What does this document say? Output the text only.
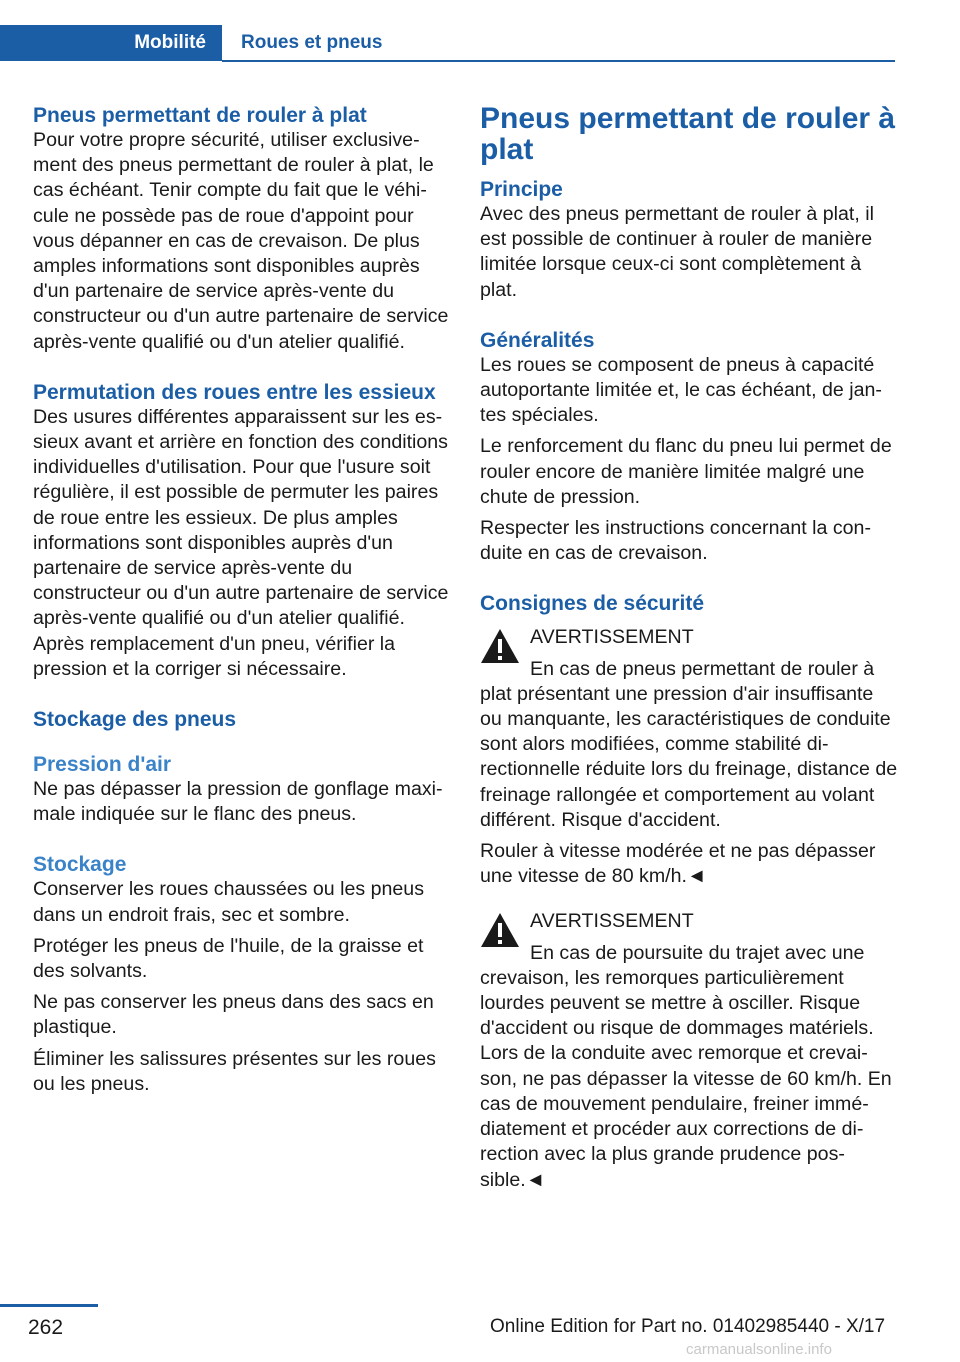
Mobilité	Roues et pneus
Pneus permettant de rouler à plat

Pour votre propre sécurité, utiliser exclusivement des pneus permettant de rouler à plat, le cas échéant. Tenir compte du fait que le véhicule ne possède pas de roue d'appoint pour vous dépanner en cas de crevaison. De plus amples informations sont disponibles auprès d'un partenaire de service après-vente du constructeur ou d'un autre partenaire de service après-vente qualifié ou d'un atelier qualifié.

Permutation des roues entre les essieux

Des usures différentes apparaissent sur les essieux avant et arrière en fonction des conditions individuelles d'utilisation. Pour que l'usure soit régulière, il est possible de permuter les paires de roue entre les essieux. De plus amples informations sont disponibles auprès d'un partenaire de service après-vente du constructeur ou d'un autre partenaire de service après-vente qualifié ou d'un atelier qualifié. Après remplacement d'un pneu, vérifier la pression et la corriger si nécessaire.

Stockage des pneus
Pression d'air

Ne pas dépasser la pression de gonflage maximale indiquée sur le flanc des pneus.

Stockage

Conserver les roues chaussées ou les pneus dans un endroit frais, sec et sombre.

Protéger les pneus de l'huile, de la graisse et des solvants.

Ne pas conserver les pneus dans des sacs en plastique.

Éliminer les salissures présentes sur les roues ou les pneus.

Pneus permettant de rouler à plat
Principe

Avec des pneus permettant de rouler à plat, il est possible de continuer à rouler de manière limitée lorsque ceux-ci sont complètement à plat.

Généralités

Les roues se composent de pneus à capacité autoportante limitée et, le cas échéant, de jantes spéciales.

Le renforcement du flanc du pneu lui permet de rouler encore de manière limitée malgré une chute de pression.

Respecter les instructions concernant la conduite en cas de crevaison.

Consignes de sécurité
AVERTISSEMENT

En cas de pneus permettant de rouler à plat présentant une pression d'air insuffisante ou manquante, les caractéristiques de conduite sont alors modifiées, comme stabilité directionnelle réduite lors du freinage, distance de freinage rallongée et comportement au volant différent. Risque d'accident.

Rouler à vitesse modérée et ne pas dépasser une vitesse de 80 km/h.◄

AVERTISSEMENT

En cas de poursuite du trajet avec une crevaison, les remorques particulièrement lourdes peuvent se mettre à osciller. Risque d'accident ou risque de dommages matériels. Lors de la conduite avec remorque et crevaison, ne pas dépasser la vitesse de 60 km/h. En cas de mouvement pendulaire, freiner immédiatement et procéder aux corrections de direction avec la plus grande prudence possible.◄

262	Online Edition for Part no. 01402985440 - X/17
carmanualsonline.info
